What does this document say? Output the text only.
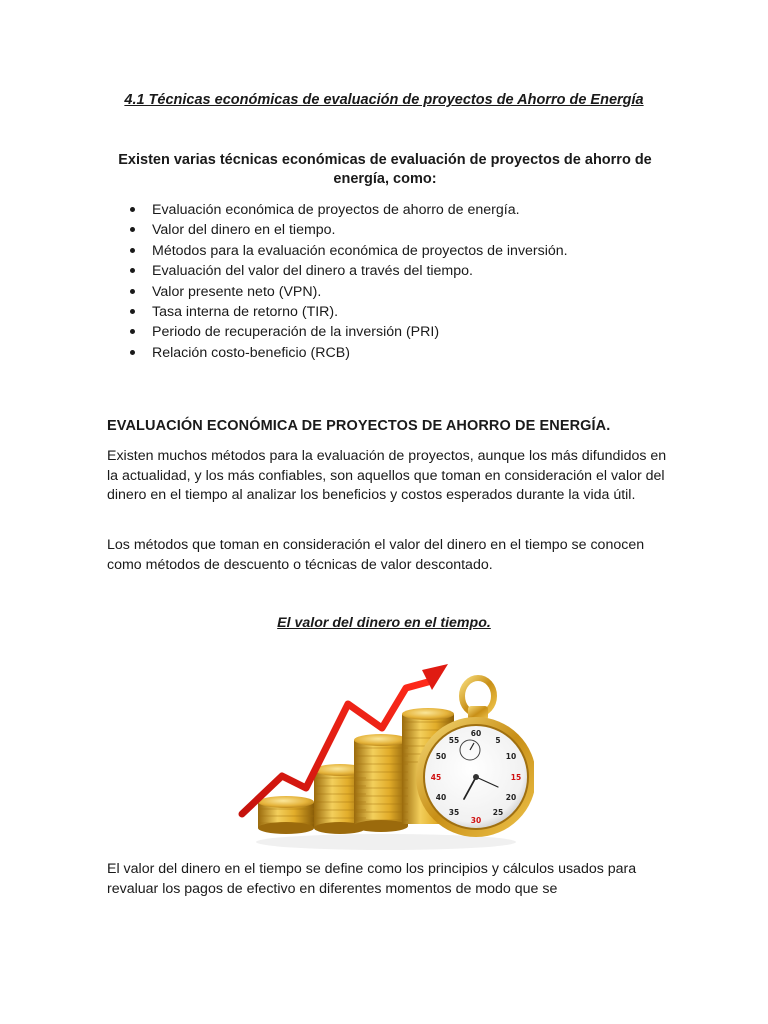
4.1 Técnicas económicas de evaluación de proyectos de Ahorro de Energía

Existen varias técnicas económicas de evaluación de proyectos de ahorro de energía, como:

Evaluación económica de proyectos de ahorro de energía.
Valor del dinero en el tiempo.
Métodos para la evaluación económica de proyectos de inversión.
Evaluación del valor del dinero a través del tiempo.
Valor presente neto (VPN).
Tasa interna de retorno (TIR).
Periodo de recuperación de la inversión (PRI)
Relación costo-beneficio (RCB)
EVALUACIÓN ECONÓMICA DE PROYECTOS DE AHORRO DE ENERGÍA.

Existen muchos métodos para la evaluación de proyectos, aunque los más difundidos en la actualidad, y los más confiables, son aquellos que toman en consideración el valor del dinero en el tiempo al analizar los beneficios y costos esperados durante la vida útil.

Los métodos que toman en consideración el valor del dinero en el tiempo se conocen como métodos de descuento o técnicas de valor descontado.

El valor del dinero en el tiempo.
60
5
10
15
20
25
30
35
40
45
50
55

El valor del dinero en el tiempo se define como los principios y cálculos usados para revaluar los pagos de efectivo en diferentes momentos de modo que se
